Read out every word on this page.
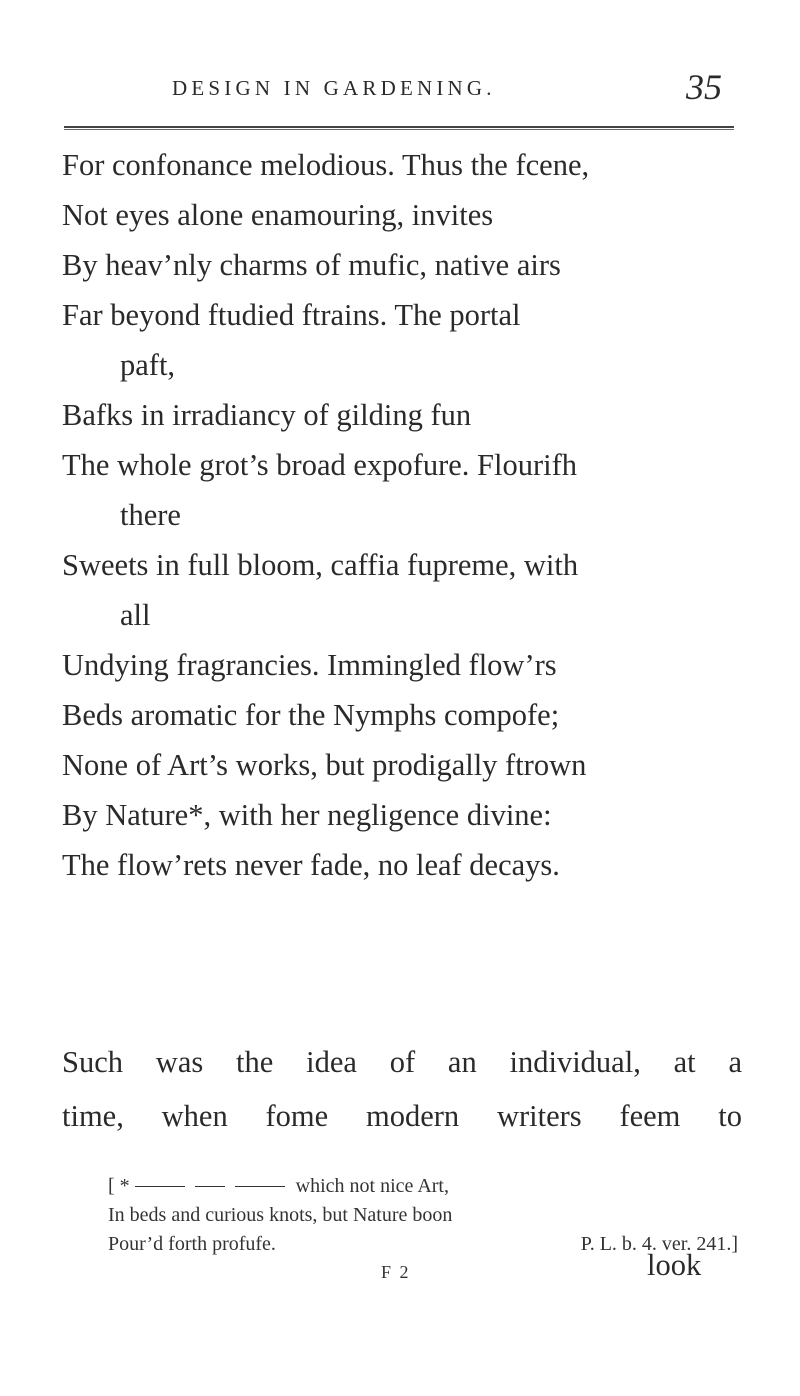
DESIGN IN GARDENING.	35
For confonance melodious. Thus the fcene,
Not eyes alone enamouring, invites
By heav’nly charms of mufic, native airs
Far beyond ftudied ftrains. The portal
paft,
Bafks in irradiancy of gilding fun
The whole grot’s broad expofure. Flourifh
there
Sweets in full bloom, caffia fupreme, with
all
Undying fragrancies. Immingled flow’rs
Beds aromatic for the Nymphs compofe;
None of Art’s works, but prodigally ftrown
By Nature*, with her negligence divine:
The flow’rets never fade, no leaf decays.
Such was the idea of an individual, at a
time, when fome modern writers feem to
[ *	which not nice Art,
In beds and curious knots, but Nature boon
Pour’d forth profufe.	P. L. b. 4. ver. 241.]
F 2	look
